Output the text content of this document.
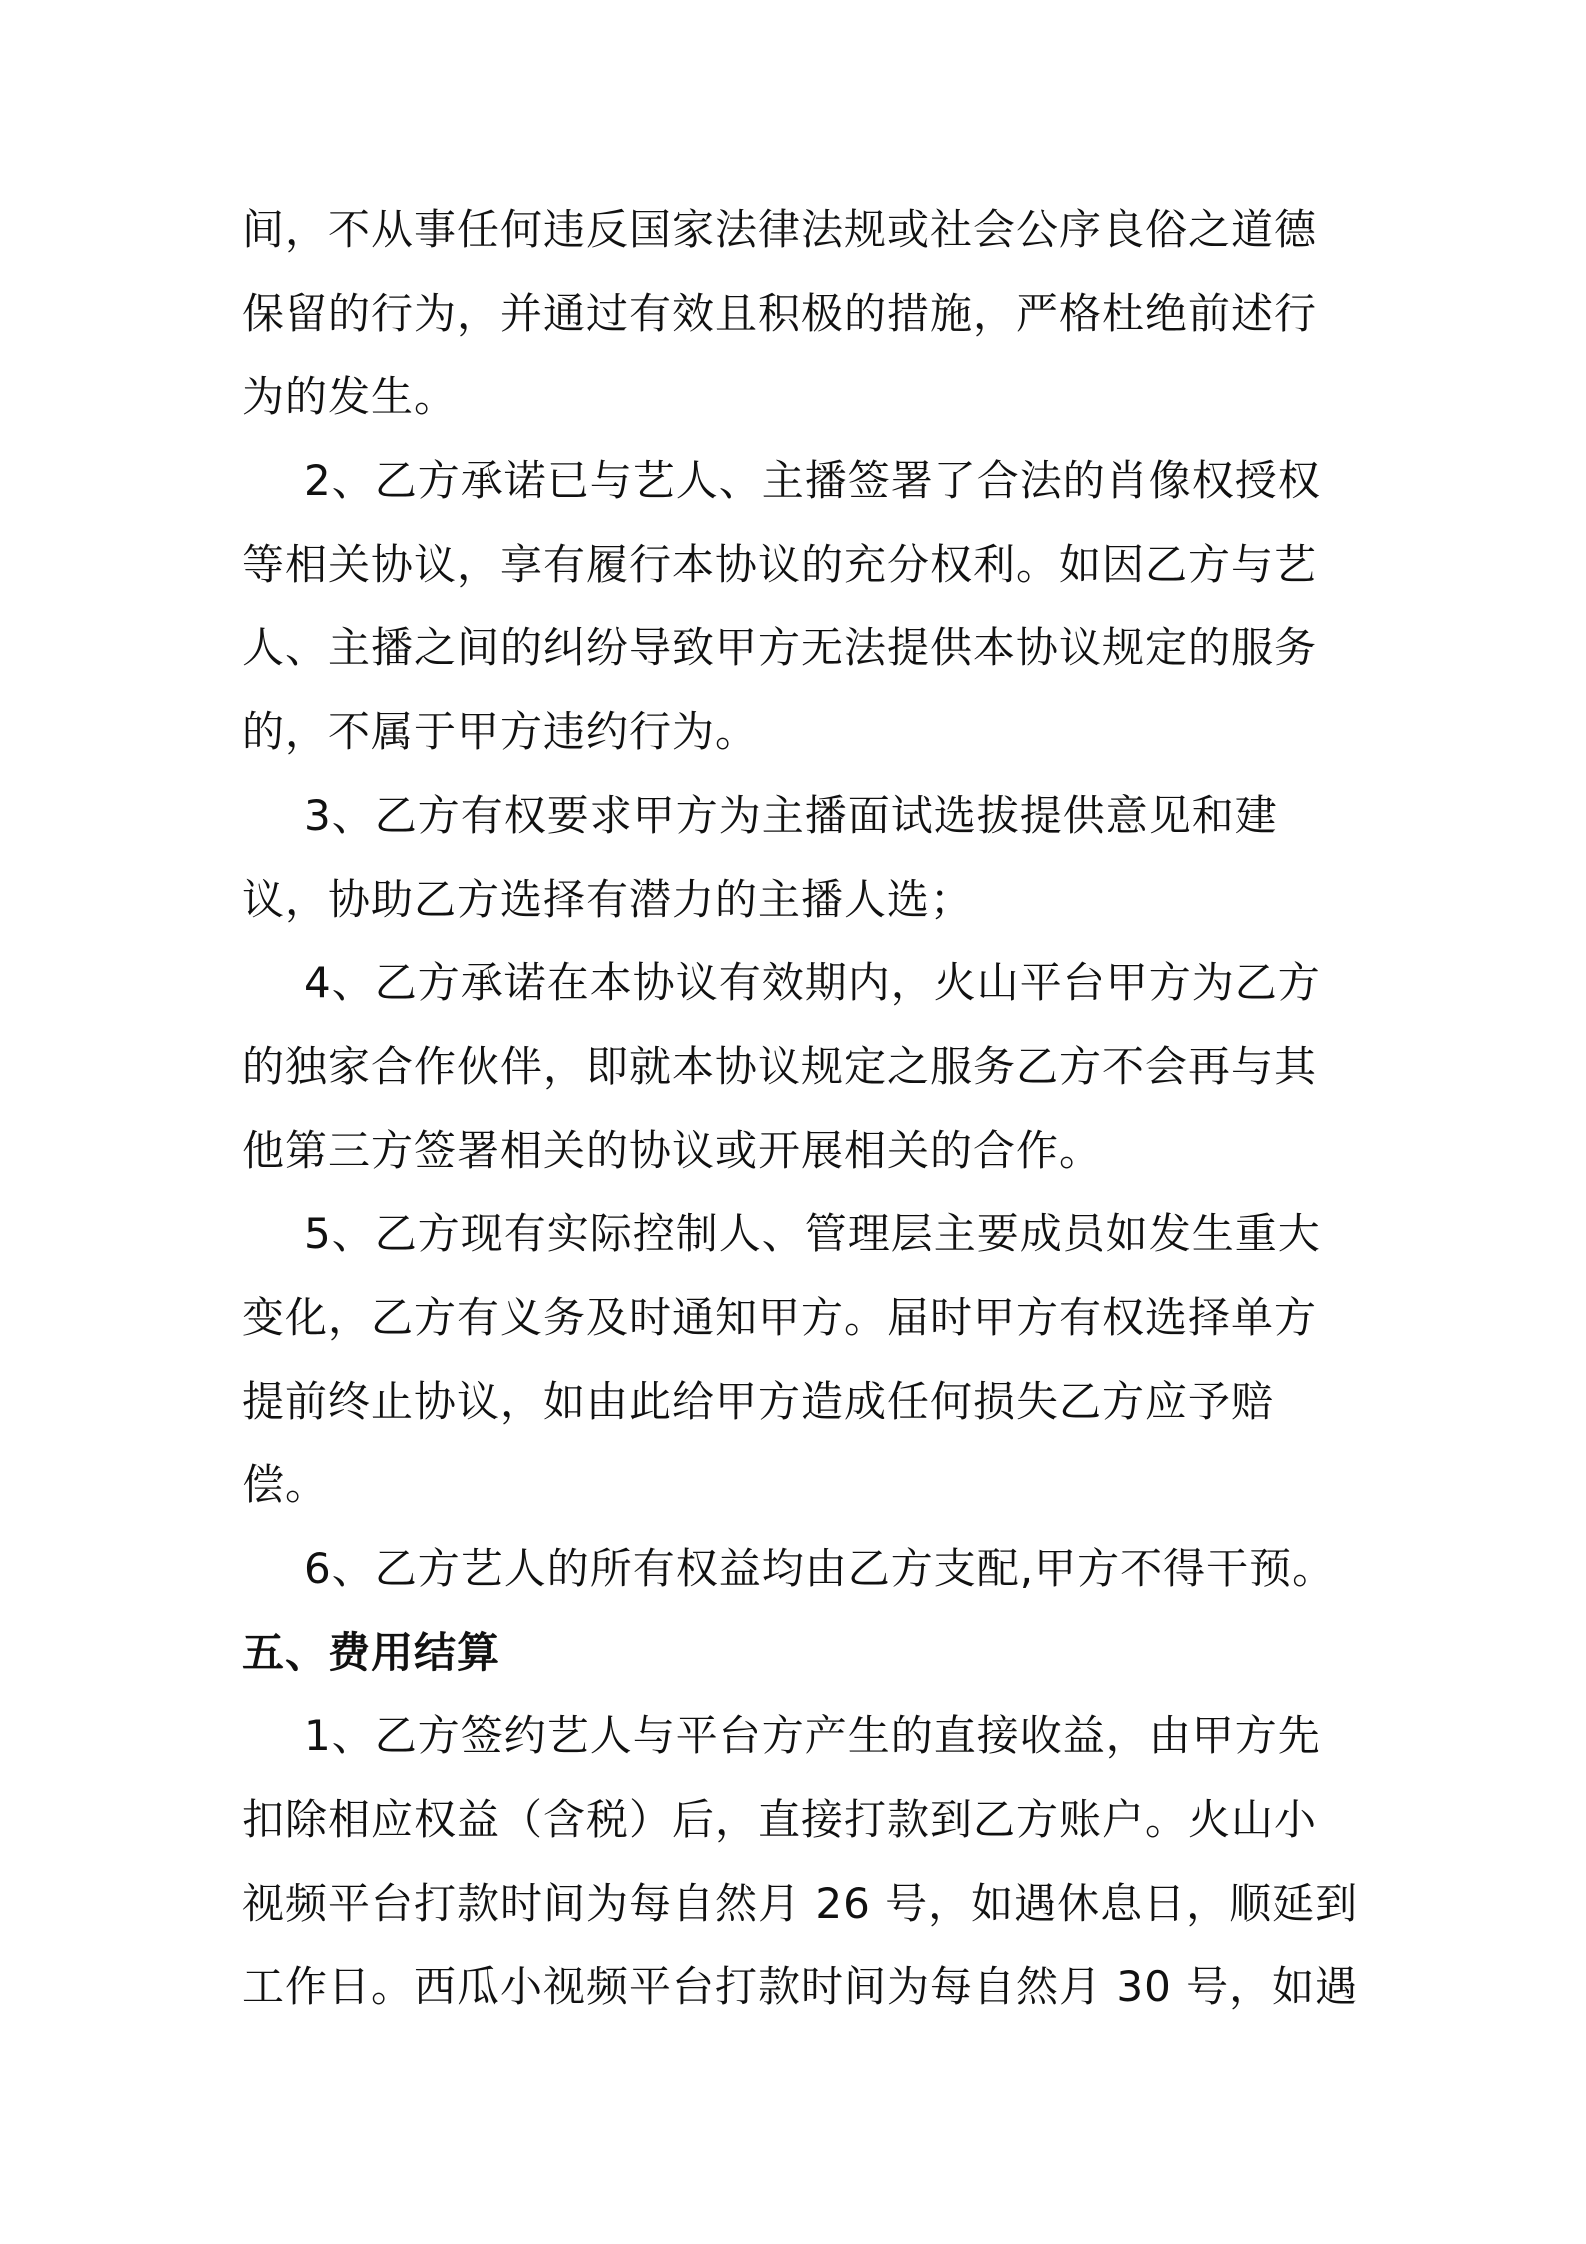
间，不从事任何违反国家法律法规或社会公序良俗之道德
保留的行为，并通过有效且积极的措施，严格杜绝前述行
为的发生。
2、乙方承诺已与艺人、主播签署了合法的肖像权授权
等相关协议，享有履行本协议的充分权利。如因乙方与艺
人、主播之间的纠纷导致甲方无法提供本协议规定的服务
的，不属于甲方违约行为。
3、乙方有权要求甲方为主播面试选拔提供意见和建
议，协助乙方选择有潜力的主播人选；
4、乙方承诺在本协议有效期内，火山平台甲方为乙方
的独家合作伙伴，即就本协议规定之服务乙方不会再与其
他第三方签署相关的协议或开展相关的合作。
5、乙方现有实际控制人、管理层主要成员如发生重大
变化，乙方有义务及时通知甲方。届时甲方有权选择单方
提前终止协议，如由此给甲方造成任何损失乙方应予赔
偿。
6、乙方艺人的所有权益均由乙方支配,甲方不得干预。
五、费用结算
1、乙方签约艺人与平台方产生的直接收益，由甲方先
扣除相应权益（含税）后，直接打款到乙方账户。火山小
视频平台打款时间为每自然月 26 号，如遇休息日，顺延到
工作日。西瓜小视频平台打款时间为每自然月 30 号，如遇
